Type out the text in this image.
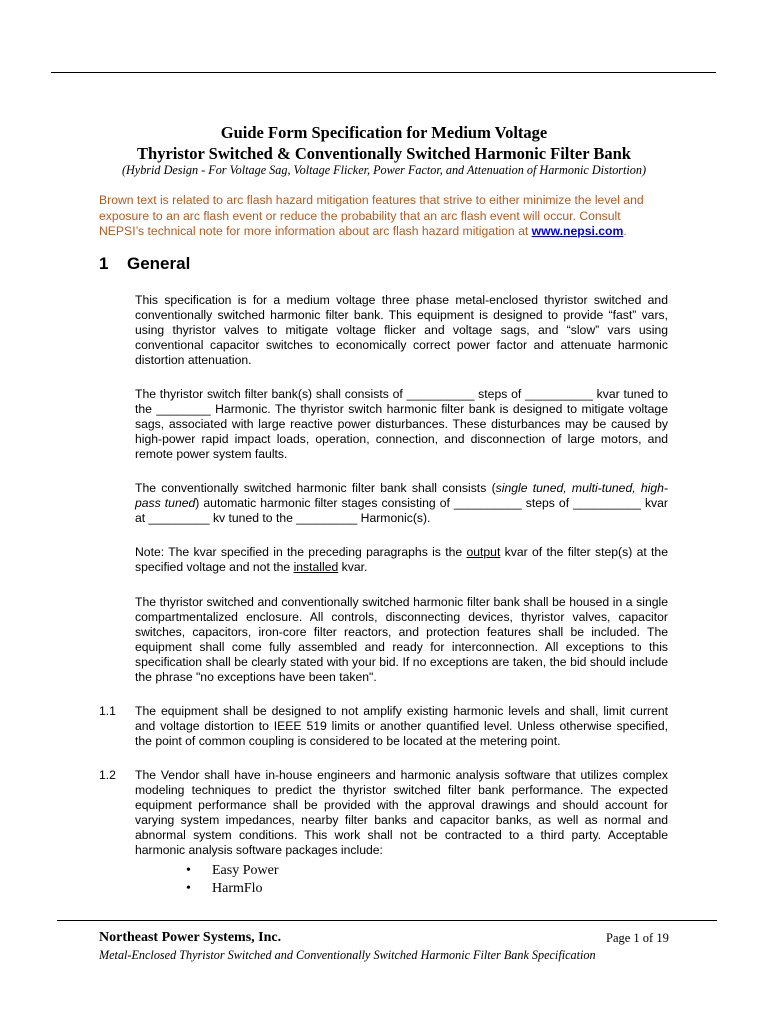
Guide Form Specification for Medium Voltage
Thyristor Switched & Conventionally Switched Harmonic Filter Bank
(Hybrid Design - For Voltage Sag, Voltage Flicker, Power Factor, and Attenuation of Harmonic Distortion)
Brown text is related to arc flash hazard mitigation features that strive to either minimize the level and exposure to an arc flash event or reduce the probability that an arc flash event will occur. Consult NEPSI’s technical note for more information about arc flash hazard mitigation at www.nepsi.com.
1 General
This specification is for a medium voltage three phase metal-enclosed thyristor switched and conventionally switched harmonic filter bank. This equipment is designed to provide “fast” vars, using thyristor valves to mitigate voltage flicker and voltage sags, and “slow” vars using conventional capacitor switches to economically correct power factor and attenuate harmonic distortion attenuation.
The thyristor switch filter bank(s) shall consists of __________ steps of __________ kvar tuned to the ________ Harmonic. The thyristor switch harmonic filter bank is designed to mitigate voltage sags, associated with large reactive power disturbances. These disturbances may be caused by high-power rapid impact loads, operation, connection, and disconnection of large motors, and remote power system faults.
The conventionally switched harmonic filter bank shall consists (single tuned, multi-tuned, high-pass tuned) automatic harmonic filter stages consisting of __________ steps of __________ kvar at _________ kv tuned to the _________ Harmonic(s).
Note: The kvar specified in the preceding paragraphs is the output kvar of the filter step(s) at the specified voltage and not the installed kvar.
The thyristor switched and conventionally switched harmonic filter bank shall be housed in a single compartmentalized enclosure. All controls, disconnecting devices, thyristor valves, capacitor switches, capacitors, iron-core filter reactors, and protection features shall be included. The equipment shall come fully assembled and ready for interconnection. All exceptions to this specification shall be clearly stated with your bid. If no exceptions are taken, the bid should include the phrase "no exceptions have been taken".
1.1 The equipment shall be designed to not amplify existing harmonic levels and shall, limit current and voltage distortion to IEEE 519 limits or another quantified level. Unless otherwise specified, the point of common coupling is considered to be located at the metering point.
1.2 The Vendor shall have in-house engineers and harmonic analysis software that utilizes complex modeling techniques to predict the thyristor switched filter bank performance. The expected equipment performance shall be provided with the approval drawings and should account for varying system impedances, nearby filter banks and capacitor banks, as well as normal and abnormal system conditions. This work shall not be contracted to a third party. Acceptable harmonic analysis software packages include:
• Easy Power
• HarmFlo
Northeast Power Systems, Inc.	Page 1 of 19
Metal-Enclosed Thyristor Switched and Conventionally Switched Harmonic Filter Bank Specification
